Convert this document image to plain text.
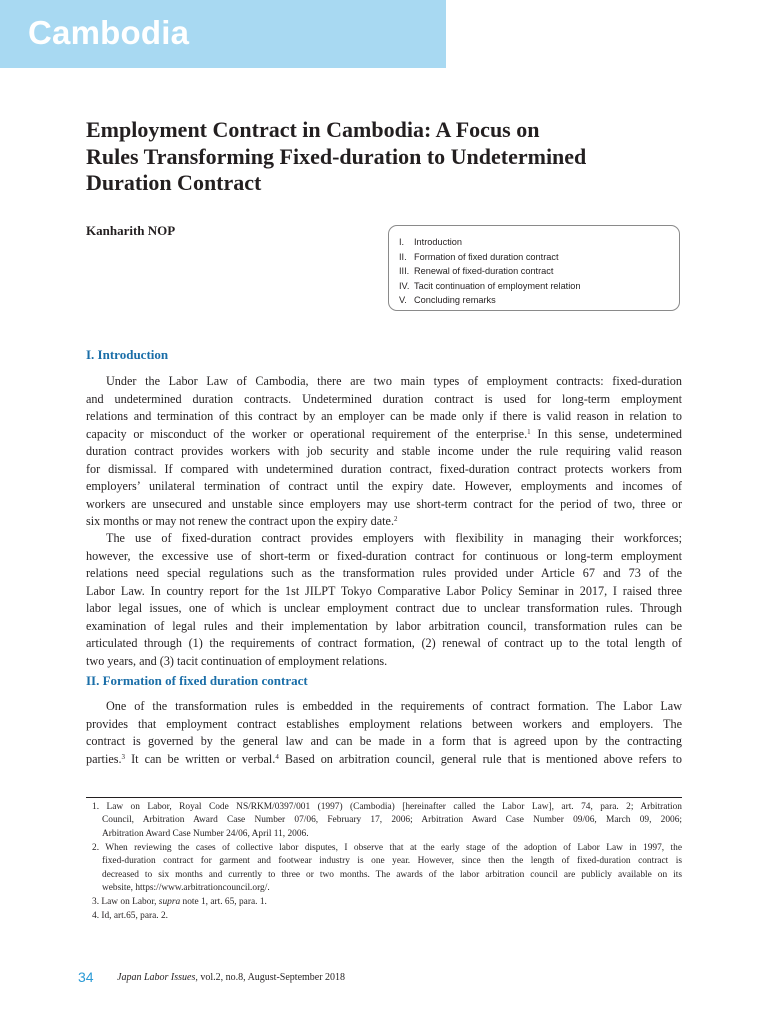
Cambodia
Employment Contract in Cambodia: A Focus on
Rules Transforming Fixed-duration to Undetermined
Duration Contract
Kanharith NOP
I. Introduction
II. Formation of fixed duration contract
III. Renewal of fixed-duration contract
IV. Tacit continuation of employment relation
V. Concluding remarks
I. Introduction
Under the Labor Law of Cambodia, there are two main types of employment contracts: fixed-duration
and undetermined duration contracts. Undetermined duration contract is used for long-term employment
relations and termination of this contract by an employer can be made only if there is valid reason in relation to
capacity or misconduct of the worker or operational requirement of the enterprise.$^1$ In this sense, undetermined
duration contract provides workers with job security and stable income under the rule requiring valid reason
for dismissal. If compared with undetermined duration contract, fixed-duration contract protects workers from
employers’ unilateral termination of contract until the expiry date. However, employments and incomes of
workers are unsecured and unstable since employers may use short-term contract for the period of two, three or
six months or may not renew the contract upon the expiry date.$^2$
The use of fixed-duration contract provides employers with flexibility in managing their workforces;
however, the excessive use of short-term or fixed-duration contract for continuous or long-term employment
relations need special regulations such as the transformation rules provided under Article 67 and 73 of the
Labor Law. In country report for the 1st JILPT Tokyo Comparative Labor Policy Seminar in 2017, I raised three
labor legal issues, one of which is unclear employment contract due to unclear transformation rules. Through
examination of legal rules and their implementation by labor arbitration council, transformation rules can be
articulated through (1) the requirements of contract formation, (2) renewal of contract up to the total length of
two years, and (3) tacit continuation of employment relations.
II. Formation of fixed duration contract
One of the transformation rules is embedded in the requirements of contract formation. The Labor Law
provides that employment contract establishes employment relations between workers and employers. The
contract is governed by the general law and can be made in a form that is agreed upon by the contracting
parties.$^3$ It can be written or verbal.$^4$ Based on arbitration council, general rule that is mentioned above refers to
1. Law on Labor, Royal Code NS/RKM/0397/001 (1997) (Cambodia) [hereinafter called the Labor Law], art. 74, para. 2; Arbitration
Council, Arbitration Award Case Number 07/06, February 17, 2006; Arbitration Award Case Number 09/06, March 09, 2006;
Arbitration Award Case Number 24/06, April 11, 2006.
2. When reviewing the cases of collective labor disputes, I observe that at the early stage of the adoption of Labor Law in 1997, the
fixed-duration contract for garment and footwear industry is one year. However, since then the length of fixed-duration contract is
decreased to six months and currently to three or two months. The awards of the labor arbitration council are publicly available on its
website, https://www.arbitrationcouncil.org/.
3. Law on Labor, supra note 1, art. 65, para. 1.
4. Id, art.65, para. 2.
34 Japan Labor Issues, vol.2, no.8, August-September 2018
